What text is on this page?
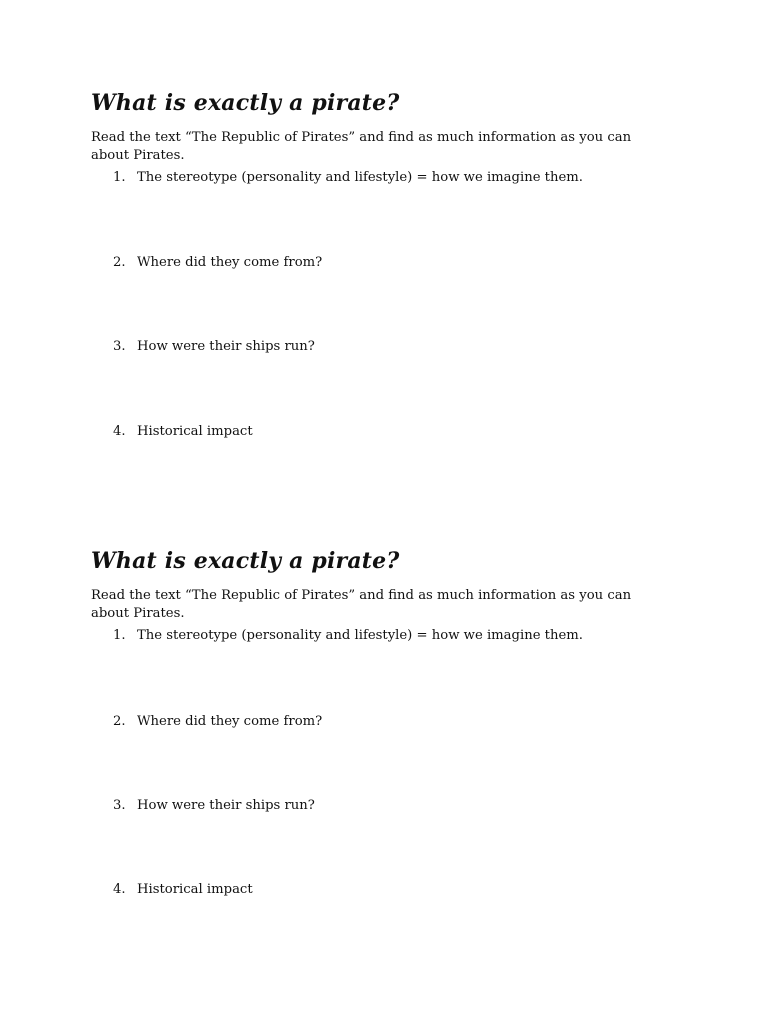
What is exactly a pirate?

Read the text “The Republic of Pirates” and find as much information as you can about Pirates.

1. The stereotype (personality and lifestyle) = how we imagine them.
2. Where did they come from?
3. How were their ships run?
4. Historical impact
What is exactly a pirate?

Read the text “The Republic of Pirates” and find as much information as you can about Pirates.

1. The stereotype (personality and lifestyle) = how we imagine them.
2. Where did they come from?
3. How were their ships run?
4. Historical impact
